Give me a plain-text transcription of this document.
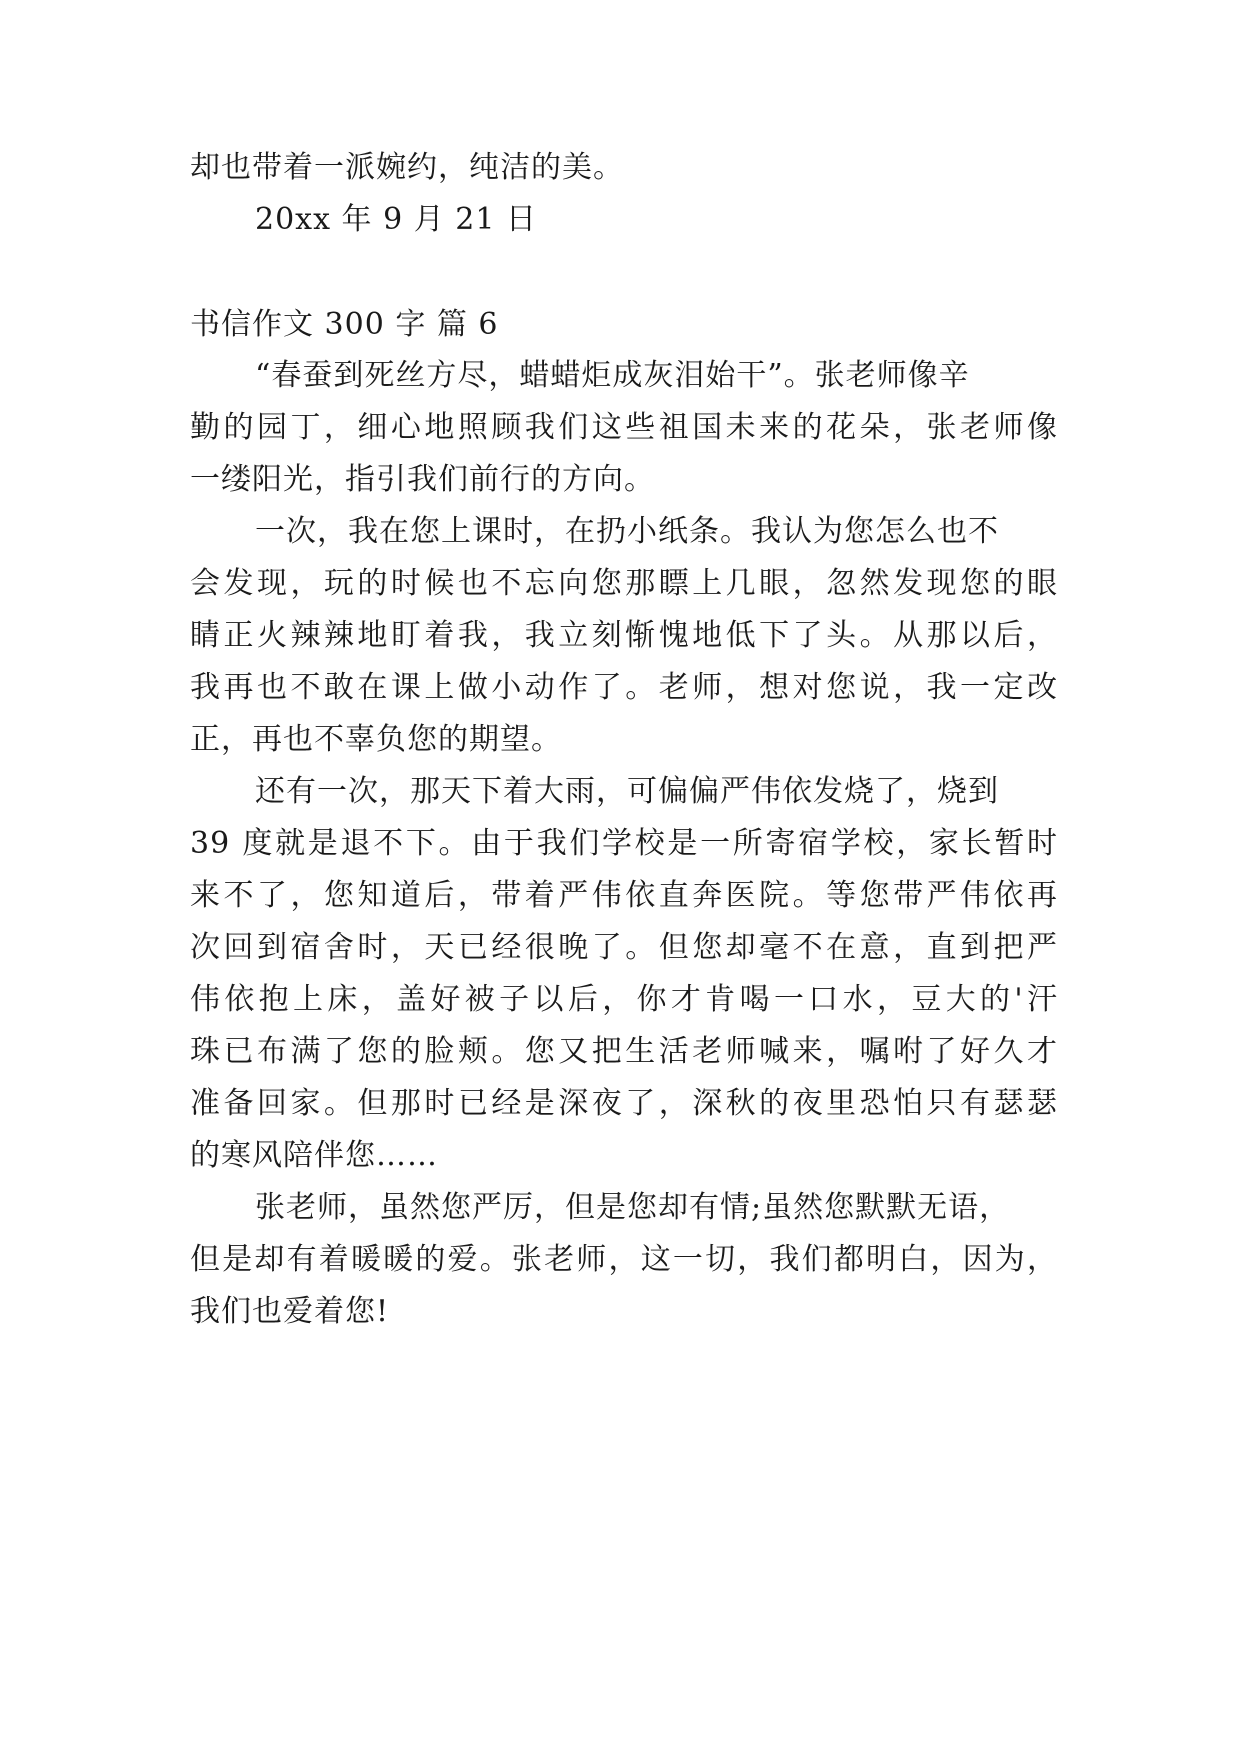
却也带着一派婉约，纯洁的美。
20xx 年 9 月 21 日
书信作文 300 字 篇 6
“春蚕到死丝方尽，蜡蜡炬成灰泪始干”。张老师像辛
勤的园丁，细心地照顾我们这些祖国未来的花朵，张老师像
一缕阳光，指引我们前行的方向。
一次，我在您上课时，在扔小纸条。我认为您怎么也不
会发现，玩的时候也不忘向您那瞟上几眼，忽然发现您的眼
睛正火辣辣地盯着我，我立刻惭愧地低下了头。从那以后，
我再也不敢在课上做小动作了。老师，想对您说，我一定改
正，再也不辜负您的期望。
还有一次，那天下着大雨，可偏偏严伟依发烧了，烧到
39 度就是退不下。由于我们学校是一所寄宿学校，家长暂时
来不了，您知道后，带着严伟依直奔医院。等您带严伟依再
次回到宿舍时，天已经很晚了。但您却毫不在意，直到把严
伟依抱上床，盖好被子以后，你才肯喝一口水，豆大的'汗
珠已布满了您的脸颊。您又把生活老师喊来，嘱咐了好久才
准备回家。但那时已经是深夜了，深秋的夜里恐怕只有瑟瑟
的寒风陪伴您……
张老师，虽然您严厉，但是您却有情;虽然您默默无语，
但是却有着暖暖的爱。张老师，这一切，我们都明白，因为，
我们也爱着您!
